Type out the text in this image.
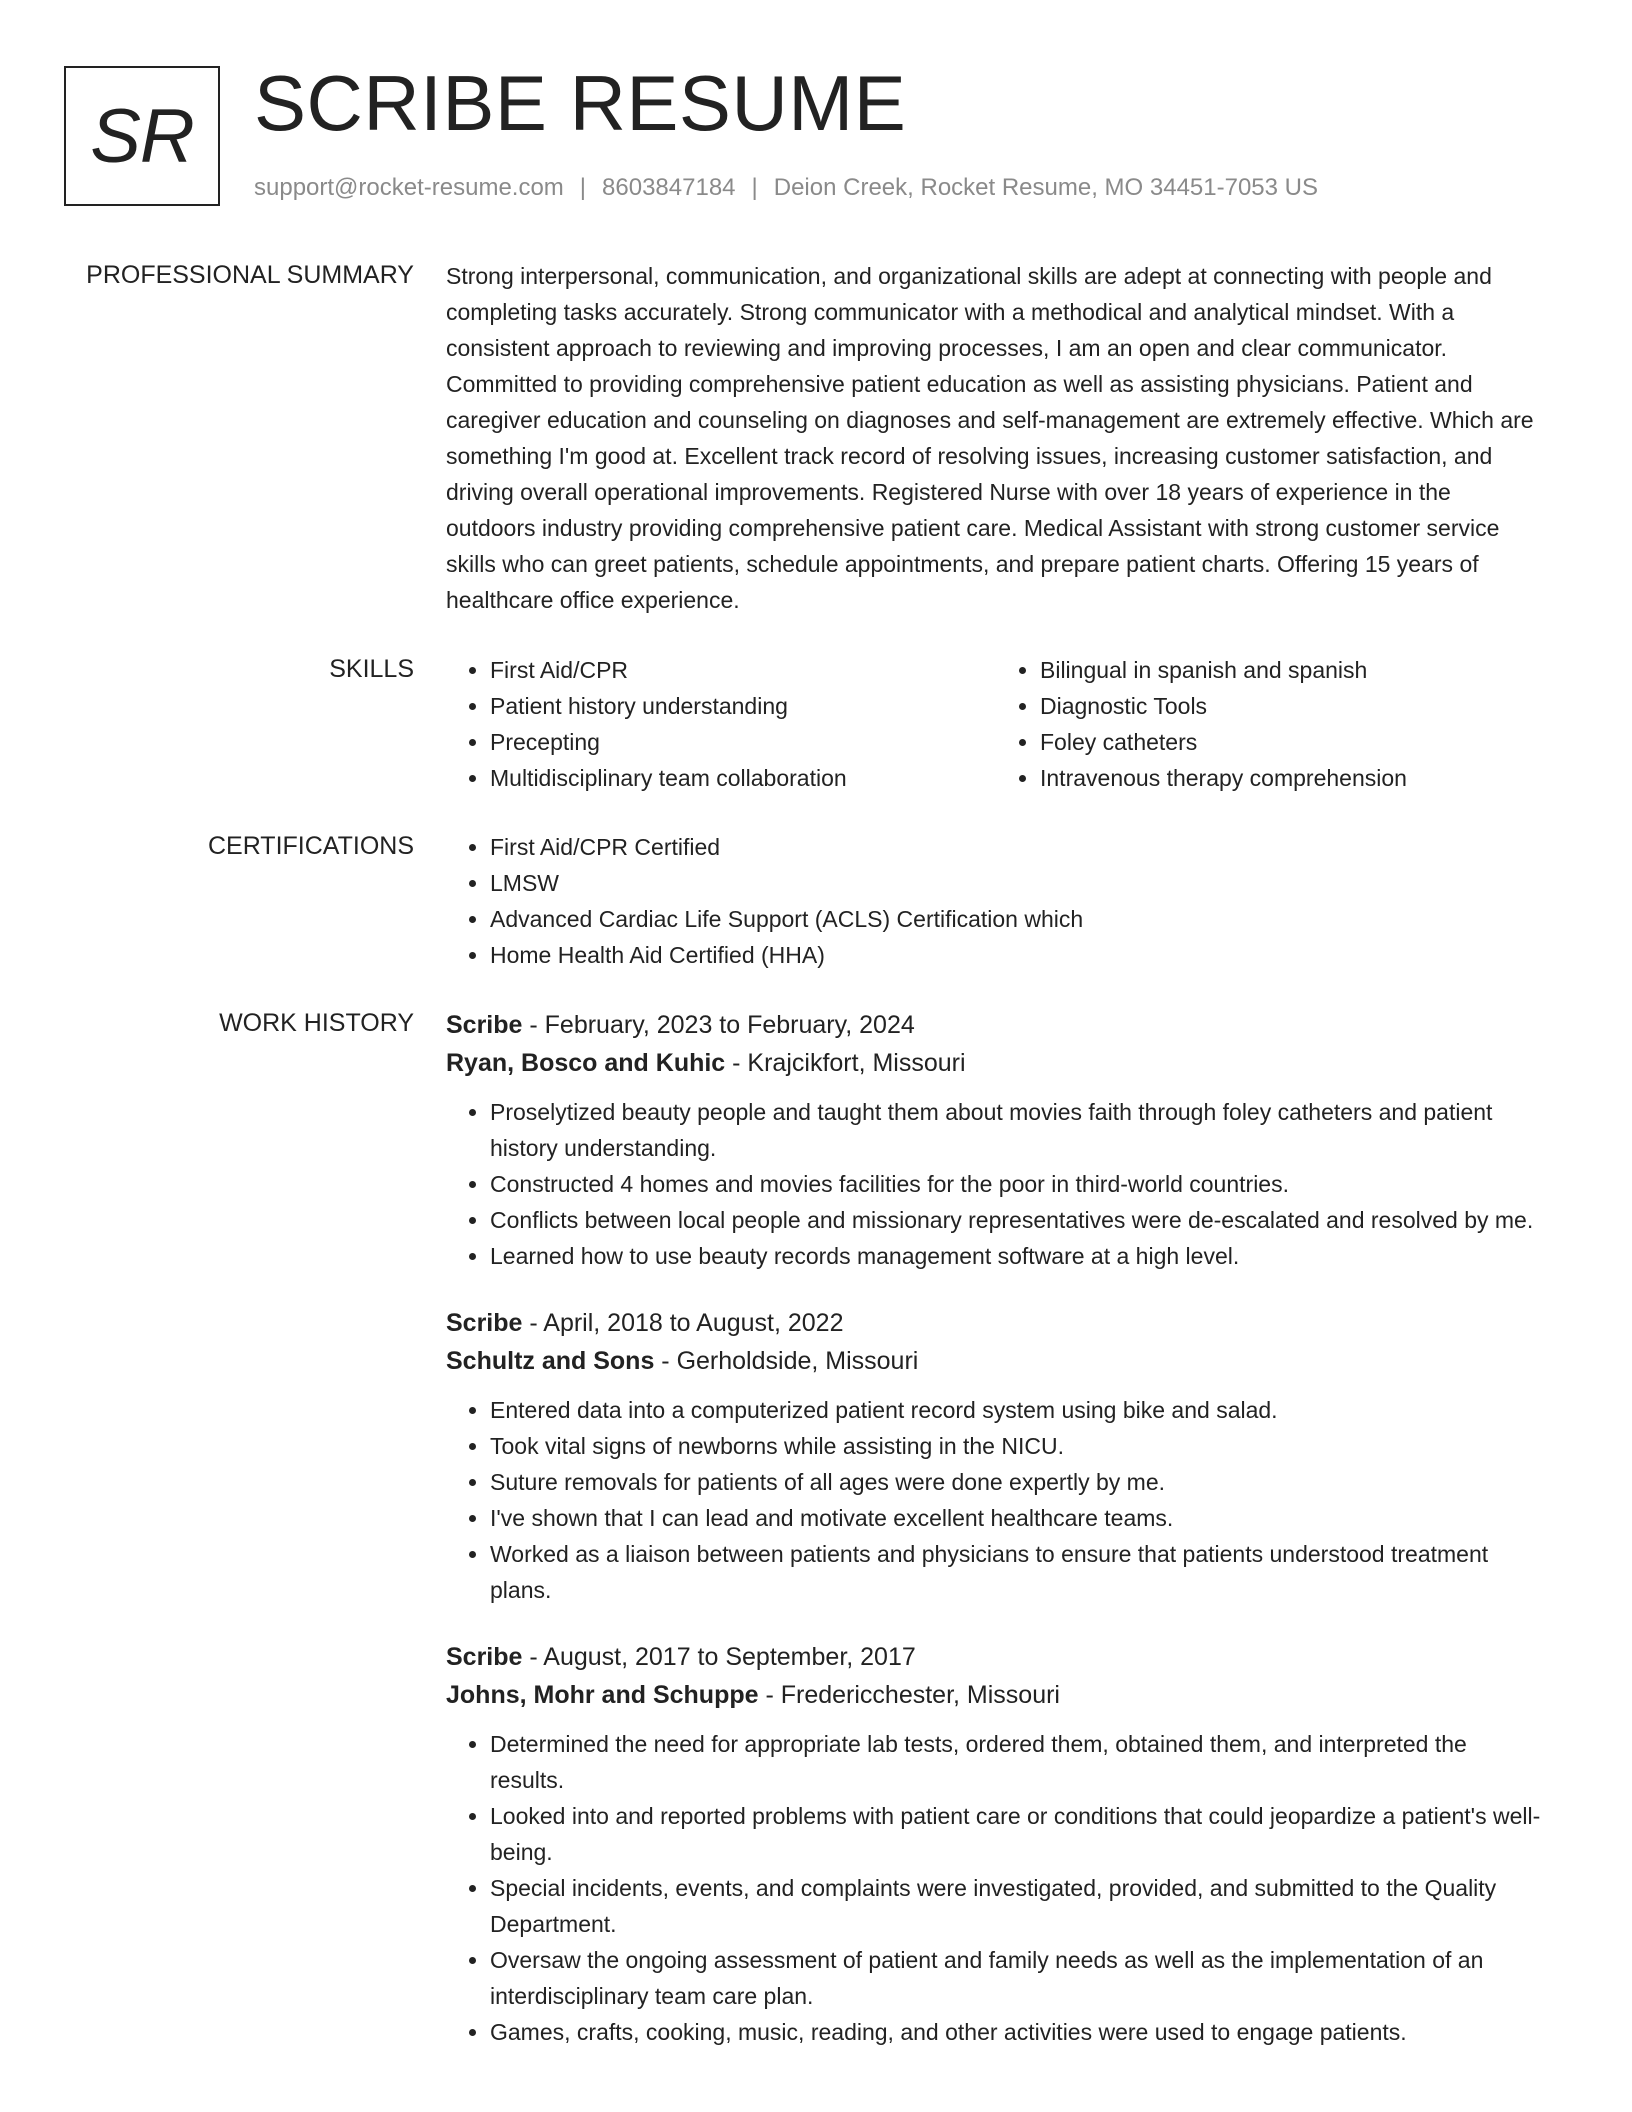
SR SCRIBE RESUME
support@rocket-resume.com | 8603847184 | Deion Creek, Rocket Resume, MO 34451-7053 US
PROFESSIONAL SUMMARY Strong interpersonal, communication, and organizational skills are adept at connecting with people and completing tasks accurately. Strong communicator with a methodical and analytical mindset. With a consistent approach to reviewing and improving processes, I am an open and clear communicator. Committed to providing comprehensive patient education as well as assisting physicians. Patient and caregiver education and counseling on diagnoses and self-management are extremely effective. Which are something I'm good at. Excellent track record of resolving issues, increasing customer satisfaction, and driving overall operational improvements. Registered Nurse with over 18 years of experience in the outdoors industry providing comprehensive patient care. Medical Assistant with strong customer service skills who can greet patients, schedule appointments, and prepare patient charts. Offering 15 years of healthcare office experience.

SKILLS	• First Aid/CPR
• Patient history understanding
• Precepting
• Multidisciplinary team collaboration
• Bilingual in spanish and spanish
• Diagnostic Tools
• Foley catheters
• Intravenous therapy comprehension
CERTIFICATIONS	• First Aid/CPR Certified
• LMSW
• Advanced Cardiac Life Support (ACLS) Certification which
• Home Health Aid Certified (HHA)
WORK HISTORY Scribe - February, 2023 to February, 2024
Ryan, Bosco and Kuhic - Krajcikfort, Missouri
• Proselytized beauty people and taught them about movies faith through foley catheters and patient history understanding.
• Constructed 4 homes and movies facilities for the poor in third-world countries.
• Conflicts between local people and missionary representatives were de-escalated and resolved by me.
• Learned how to use beauty records management software at a high level.
Scribe - April, 2018 to August, 2022
Schultz and Sons - Gerholdside, Missouri
• Entered data into a computerized patient record system using bike and salad.
• Took vital signs of newborns while assisting in the NICU.
• Suture removals for patients of all ages were done expertly by me.
• I've shown that I can lead and motivate excellent healthcare teams.
• Worked as a liaison between patients and physicians to ensure that patients understood treatment plans.
Scribe - August, 2017 to September, 2017
Johns, Mohr and Schuppe - Fredericchester, Missouri
• Determined the need for appropriate lab tests, ordered them, obtained them, and interpreted the results.
• Looked into and reported problems with patient care or conditions that could jeopardize a patient's well-being.
• Special incidents, events, and complaints were investigated, provided, and submitted to the Quality Department.
• Oversaw the ongoing assessment of patient and family needs as well as the implementation of an interdisciplinary team care plan.
• Games, crafts, cooking, music, reading, and other activities were used to engage patients.
